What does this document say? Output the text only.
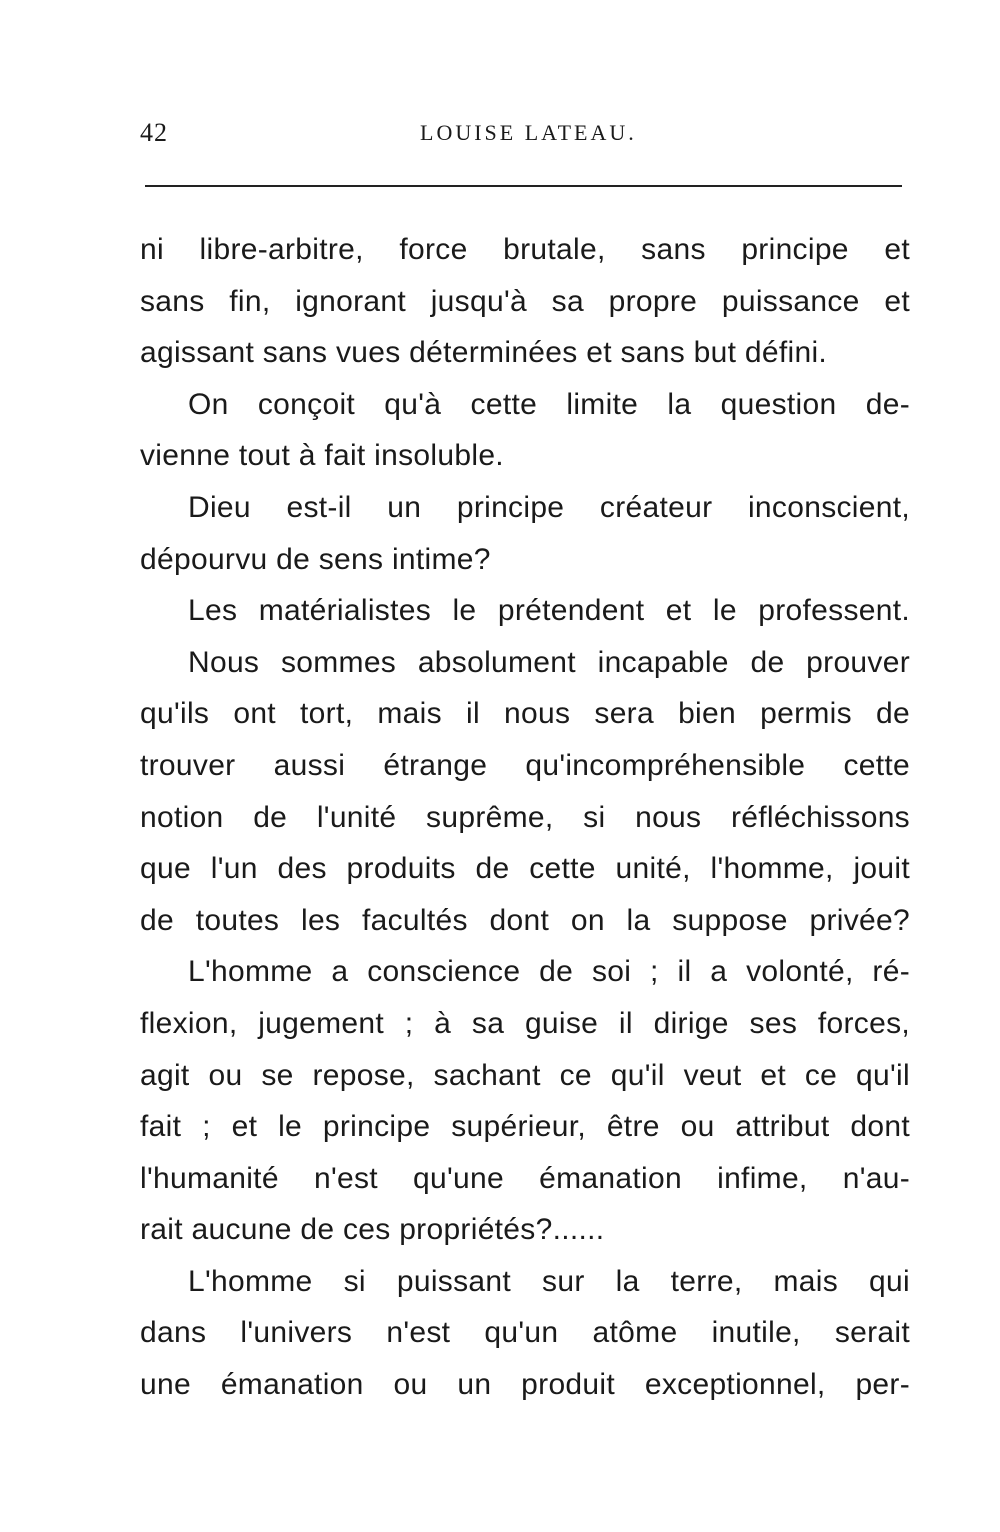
42	LOUISE LATEAU.
ni libre-arbitre, force brutale, sans principe et
sans fin, ignorant jusqu'à sa propre puissance et
agissant sans vues déterminées et sans but défini.
On conçoit qu'à cette limite la question de-
vienne tout à fait insoluble.
Dieu est-il un principe créateur inconscient,
dépourvu de sens intime?
Les matérialistes le prétendent et le professent.
Nous sommes absolument incapable de prouver
qu'ils ont tort, mais il nous sera bien permis de
trouver aussi étrange qu'incompréhensible cette
notion de l'unité suprême, si nous réfléchissons
que l'un des produits de cette unité, l'homme, jouit
de toutes les facultés dont on la suppose privée?
L'homme a conscience de soi ; il a volonté, ré-
flexion, jugement ; à sa guise il dirige ses forces,
agit ou se repose, sachant ce qu'il veut et ce qu'il
fait ; et le principe supérieur, être ou attribut dont
l'humanité n'est qu'une émanation infime, n'au-
rait aucune de ces propriétés?......
L'homme si puissant sur la terre, mais qui
dans l'univers n'est qu'un atôme inutile, serait
une émanation ou un produit exceptionnel, per-
